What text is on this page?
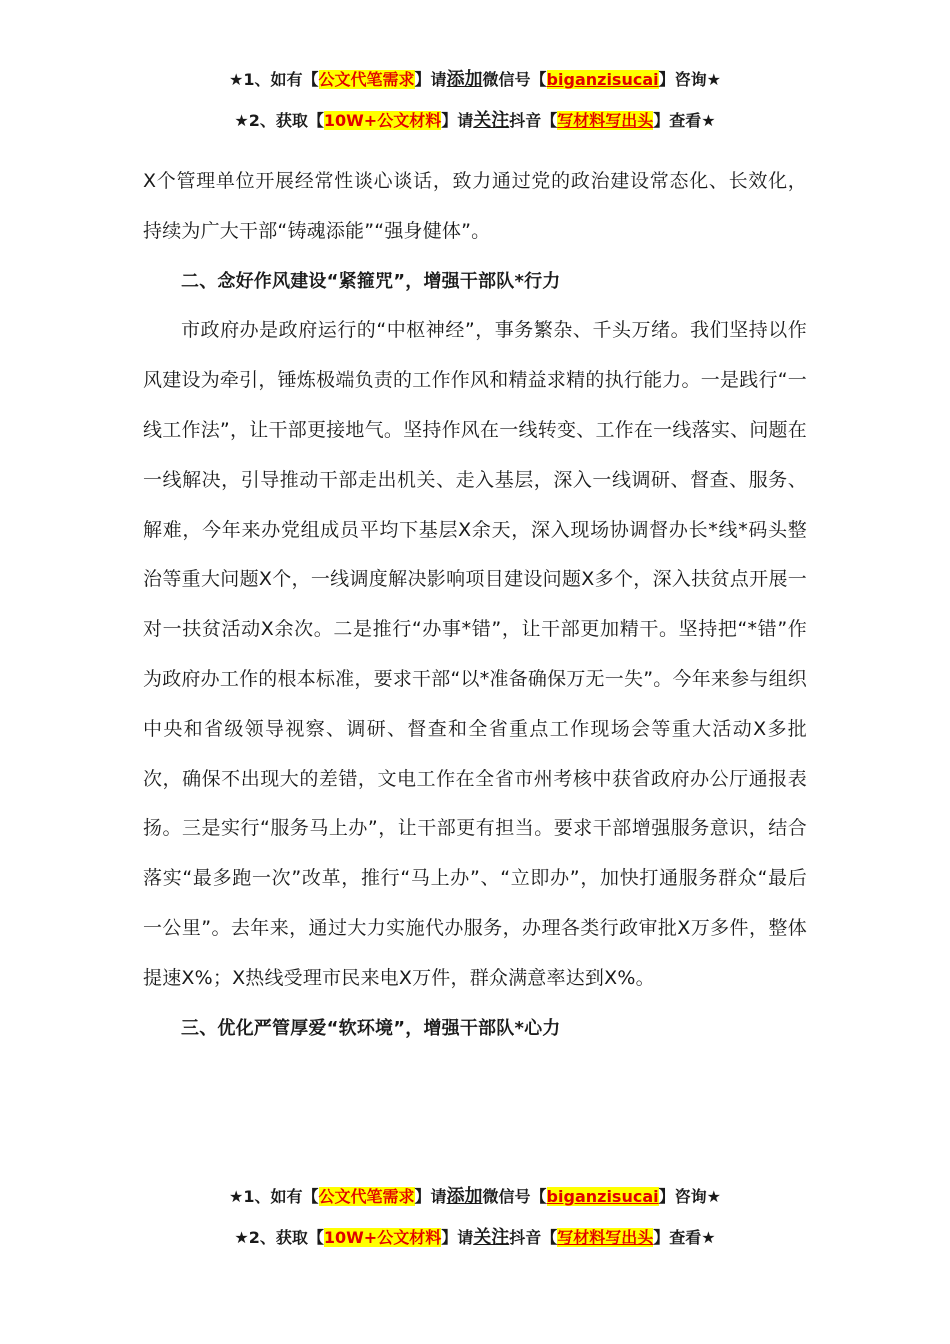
★1、如有【公文代笔需求】请添加微信号【biganzisucai】咨询★
★2、获取【10W+公文材料】请关注抖音【写材料写出头】查看★

X个管理单位开展经常性谈心谈话，致力通过党的政治建设常态化、长效化，持续为广大干部“铸魂添能”“强身健体”。

二、念好作风建设“紧箍咒”，增强干部队*行力

市政府办是政府运行的“中枢神经”，事务繁杂、千头万绪。我们坚持以作风建设为牵引，锤炼极端负责的工作作风和精益求精的执行能力。一是践行“一线工作法”，让干部更接地气。坚持作风在一线转变、工作在一线落实、问题在一线解决，引导推动干部走出机关、走入基层，深入一线调研、督查、服务、解难，今年来办党组成员平均下基层X余天，深入现场协调督办长*线*码头整治等重大问题X个，一线调度解决影响项目建设问题X多个，深入扶贫点开展一对一扶贫活动X余次。二是推行“办事*错”，让干部更加精干。坚持把“*错”作为政府办工作的根本标准，要求干部“以*准备确保万无一失”。今年来参与组织中央和省级领导视察、调研、督查和全省重点工作现场会等重大活动X多批次，确保不出现大的差错，文电工作在全省市州考核中获省政府办公厅通报表扬。三是实行“服务马上办”，让干部更有担当。要求干部增强服务意识，结合落实“最多跑一次”改革，推行“马上办”、“立即办”，加快打通服务群众“最后一公里”。去年来，通过大力实施代办服务，办理各类行政审批X万多件，整体提速X%；X热线受理市民来电X万件，群众满意率达到X%。

三、优化严管厚爱“软环境”，增强干部队*心力

★1、如有【公文代笔需求】请添加微信号【biganzisucai】咨询★
★2、获取【10W+公文材料】请关注抖音【写材料写出头】查看★
